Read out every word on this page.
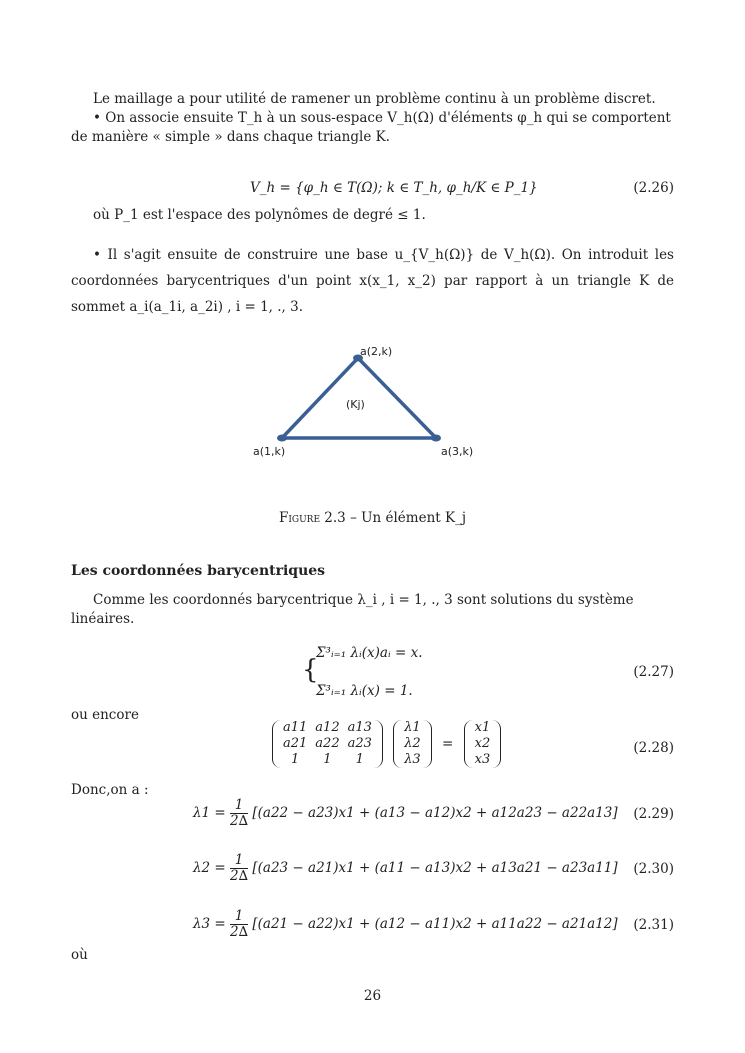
Le maillage a pour utilité de ramener un problème continu à un problème discret.
• On associe ensuite T_h à un sous-espace V_h(Ω) d'éléments φ_h qui se comportent de manière « simple » dans chaque triangle K.
V_h = {φ_h ∈ T(Ω); k ∈ T_h, φ_h/K ∈ P_1}	(2.26)
où P_1 est l'espace des polynômes de degré ≤ 1.
• Il s'agit ensuite de construire une base u_{V_h(Ω)} de V_h(Ω). On introduit les coordonnées barycentriques d'un point x(x_1, x_2) par rapport à un triangle K de sommet a_i(a_1i, a_2i) , i = 1, ., 3.
a(2,k)
a(1,k)	a(3,k)
(Kj)
Figure 2.3 – Un élément K_j
Les coordonnées barycentriques
Comme les coordonnés barycentrique λ_i , i = 1, ., 3 sont solutions du système linéaires.
{
Σ³ᵢ₌₁ λᵢ(x)aᵢ = x.
Σ³ᵢ₌₁ λᵢ(x) = 1.
(2.27)
ou encore
a11	a12	a13
a21	a22	a23
1	1	1

λ1
λ2
λ3
=
x1
x2
x3
(2.28)
Donc,on a :
$\lambda 1 = \frac{1}{2\Delta} [(a22 - a23)x1 + (a13 - a12)x2 + a12a23 - a22a13]$ (2.29)
$\lambda 2 = \frac{1}{2\Delta} [(a23 - a21)x1 + (a11 - a13)x2 + a13a21 - a23a11]$ (2.30)
$\lambda 3 = \frac{1}{2\Delta} [(a21 - a22)x1 + (a12 - a11)x2 + a11a22 - a21a12]$ (2.31)
où
26
